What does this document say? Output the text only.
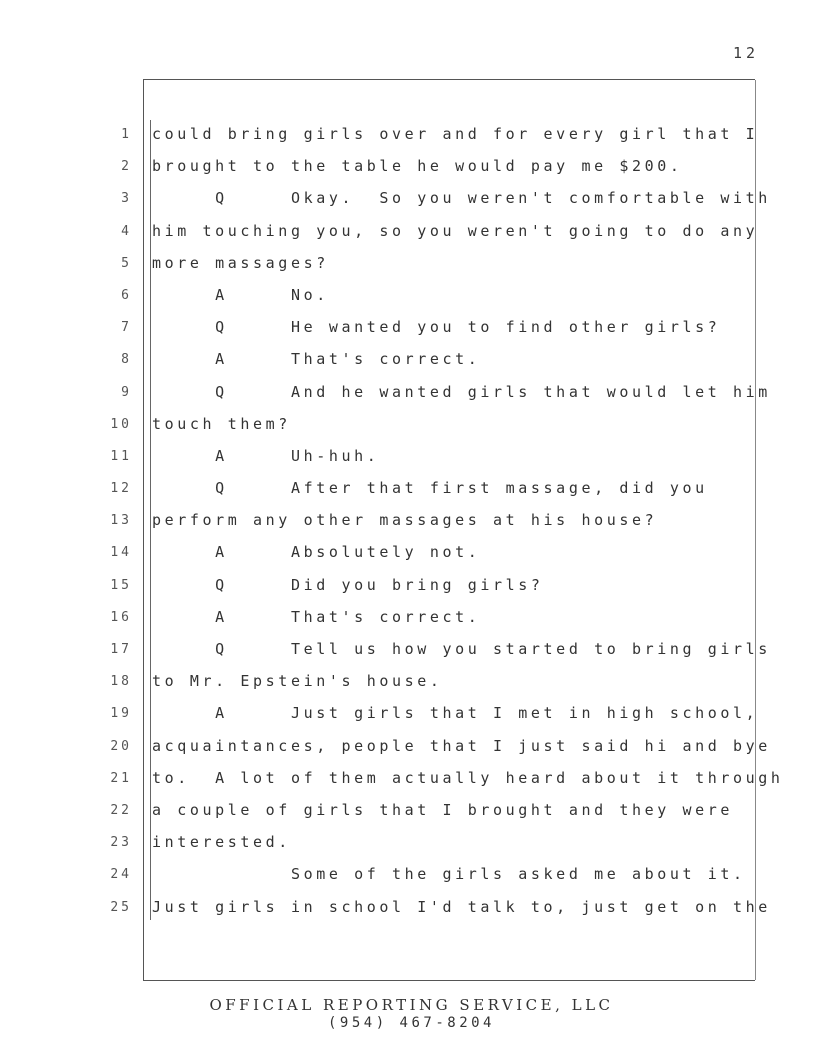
12
1 could bring girls over and for every girl that I
2 brought to the table he would pay me $200.
3 Q     Okay.  So you weren't comfortable with
4 him touching you, so you weren't going to do any
5 more massages?
6 A     No.
7 Q     He wanted you to find other girls?
8 A     That's correct.
9 Q     And he wanted girls that would let him
10 touch them?
11 A     Uh-huh.
12 Q     After that first massage, did you
13 perform any other massages at his house?
14 A     Absolutely not.
15 Q     Did you bring girls?
16 A     That's correct.
17 Q     Tell us how you started to bring girls
18 to Mr. Epstein's house.
19 A     Just girls that I met in high school,
20 acquaintances, people that I just said hi and bye
21 to.  A lot of them actually heard about it through
22 a couple of girls that I brought and they were
23 interested.
24 Some of the girls asked me about it.
25 Just girls in school I'd talk to, just get on the
OFFICIAL REPORTING SERVICE, LLC
(954) 467-8204
